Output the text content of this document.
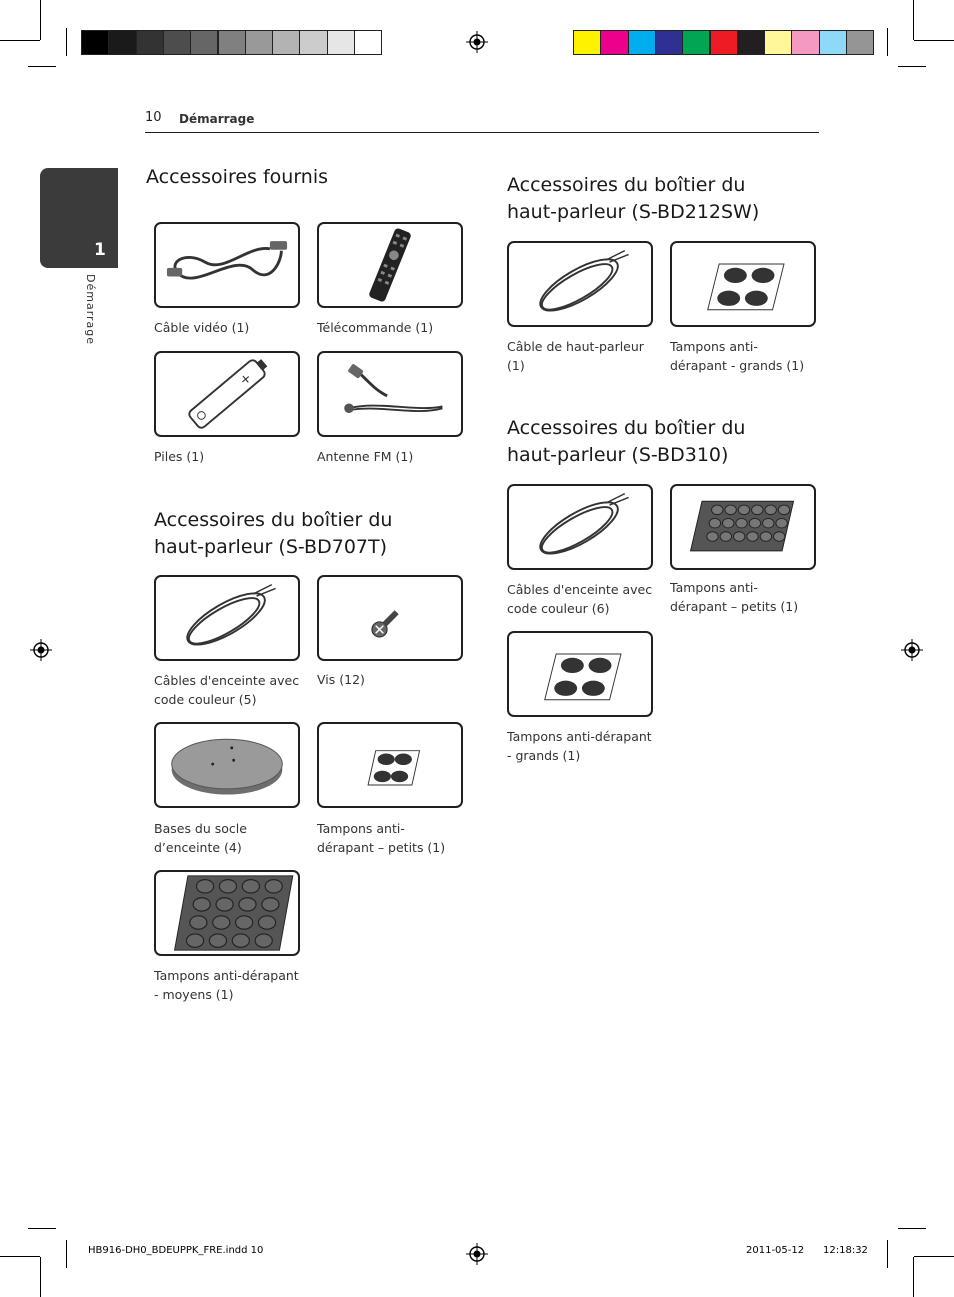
10 Démarrage
1
Démarrage
Accessoires fournis
Câble vidéo (1)	Télécommande (1)
+
Piles (1)	Antenne FM (1)
Accessoires du boîtier du
haut-parleur (S-BD707T)
Câbles d'enceinte avec
code couleur (5)
Vis (12)
Bases du socle
d’enceinte (4)
Tampons anti-
dérapant – petits (1)
Tampons anti-dérapant
- moyens (1)
Accessoires du boîtier du
haut-parleur (S-BD212SW)
Câble de haut-parleur
(1)
Tampons anti-
dérapant - grands (1)
Accessoires du boîtier du
haut-parleur (S-BD310)
Câbles d'enceinte avec
code couleur (6)
Tampons anti-
dérapant – petits (1)
Tampons anti-dérapant
- grands (1)
HB916-DH0_BDEUPPK_FRE.indd 10	2011-05-12 12:18:32
